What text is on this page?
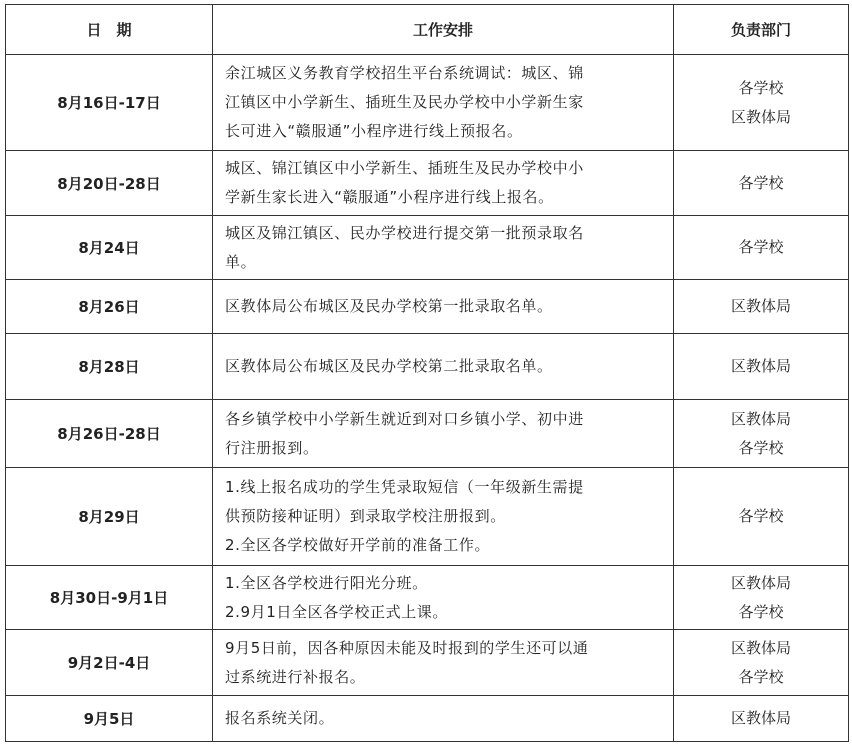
日　期	工作安排	负责部门
8月16日-17日	余江城区义务教育学校招生平台系统调试：城区、锦
江镇区中小学新生、插班生及民办学校中小学新生家
长可进入“赣服通”小程序进行线上预报名。	各学校
区教体局

8月20日-28日	城区、锦江镇区中小学新生、插班生及民办学校中小
学新生家长进入“赣服通”小程序进行线上报名。	各学校

8月24日	城区及锦江镇区、民办学校进行提交第一批预录取名
单。	各学校

8月26日	区教体局公布城区及民办学校第一批录取名单。	区教体局

8月28日	区教体局公布城区及民办学校第二批录取名单。	区教体局

8月26日-28日	各乡镇学校中小学新生就近到对口乡镇小学、初中进
行注册报到。	区教体局
各学校

8月29日	1.线上报名成功的学生凭录取短信（一年级新生需提
供预防接种证明）到录取学校注册报到。
2.全区各学校做好开学前的准备工作。	各学校

8月30日-9月1日	1.全区各学校进行阳光分班。
2.9月1日全区各学校正式上课。	区教体局
各学校

9月2日-4日	9月5日前，因各种原因未能及时报到的学生还可以通
过系统进行补报名。	区教体局
各学校

9月5日	报名系统关闭。	区教体局
